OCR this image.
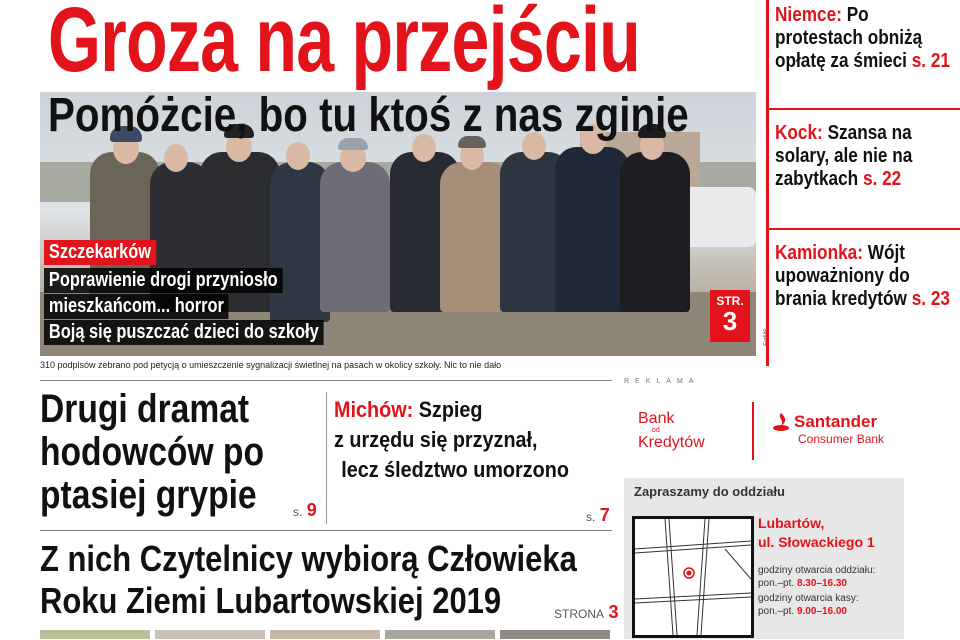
Groza na przejściu
Pomóżcie, bo tu ktoś z nas zginie
Szczekarków
Poprawienie drogi przyniosło
mieszkańcom... horror
Boją się puszczać dzieci do szkoły
STR.
3
FotMS
310 podpisów zebrano pod petycją o umieszczenie sygnalizacji świetlnej na pasach w okolicy szkoły. Nic to nie dało
Niemce: Po protestach obniżą opłatę za śmieci s. 21
Kock: Szansa na solary, ale nie na zabytkach s. 22
Kamionka: Wójt upoważniony do brania kredytów s. 23
Drugi dramat
hodowców po
ptasiej grypie	s. 9
Michów: Szpieg
z urzędu się przyznał,
lecz śledztwo umorzono
s. 7
Z nich Czytelnicy wybiorą Człowieka
Roku Ziemi Lubartowskiej 2019	STRONA 3
REKLAMA
Bank
od
Kredytów
Santander
Consumer Bank
Zapraszamy do oddziału
Lubartów,
ul. Słowackiego 1
godziny otwarcia oddziału:
pon.–pt. 8.30–16.30
godziny otwarcia kasy:
pon.–pt. 9.00–16.00
